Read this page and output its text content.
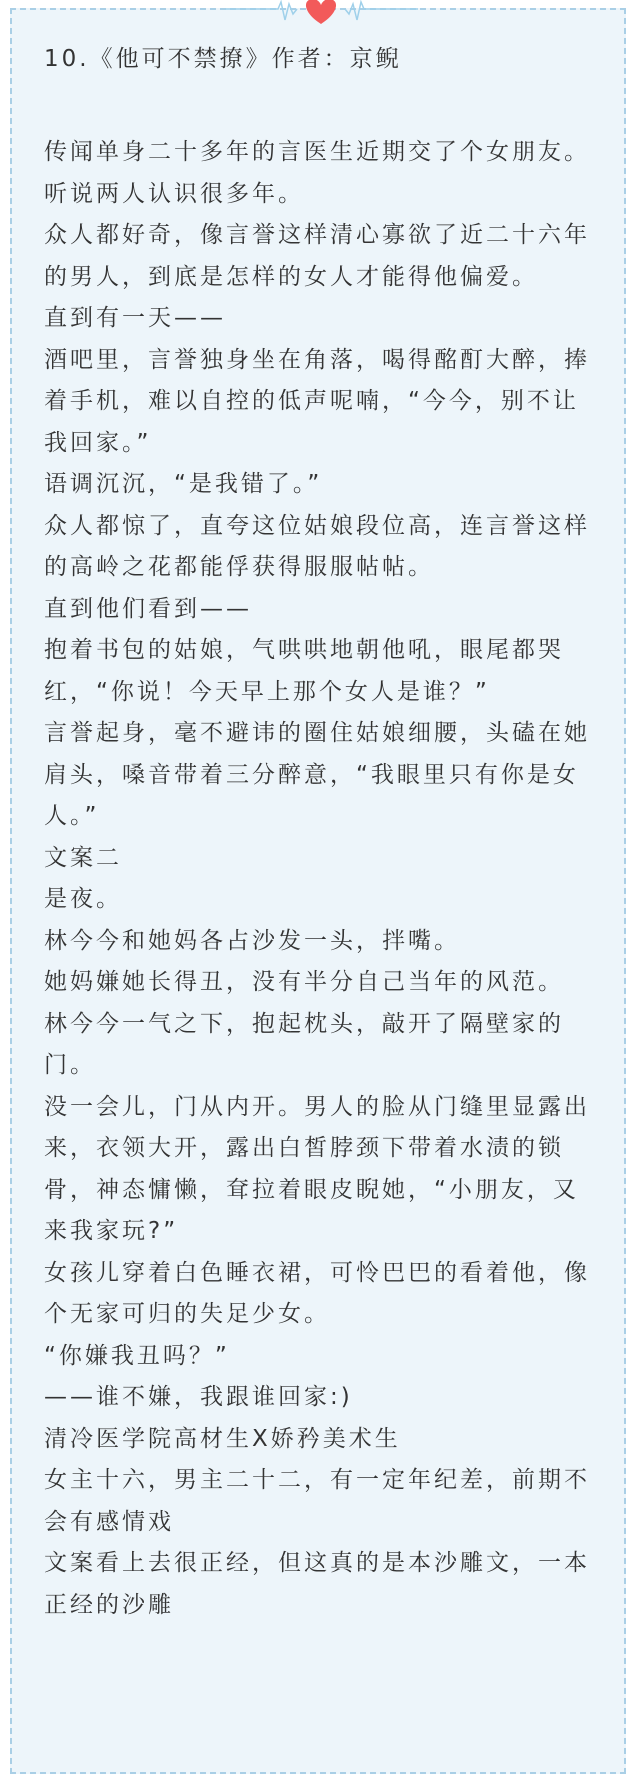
10.《他可不禁撩》作者：京鲵

传闻单身二十多年的言医生近期交了个女朋友。

听说两人认识很多年。

众人都好奇，像言誉这样清心寡欲了近二十六年的男人，到底是怎样的女人才能得他偏爱。

直到有一天——

酒吧里，言誉独身坐在角落，喝得酩酊大醉，捧着手机，难以自控的低声呢喃，“今今，别不让我回家。”

语调沉沉，“是我错了。”

众人都惊了，直夸这位姑娘段位高，连言誉这样的高岭之花都能俘获得服服帖帖。

直到他们看到——

抱着书包的姑娘，气哄哄地朝他吼，眼尾都哭红，“你说！今天早上那个女人是谁？”

言誉起身，毫不避讳的圈住姑娘细腰，头磕在她肩头，嗓音带着三分醉意，“我眼里只有你是女人。”

文案二

是夜。

林今今和她妈各占沙发一头，拌嘴。

她妈嫌她长得丑，没有半分自己当年的风范。

林今今一气之下，抱起枕头，敲开了隔壁家的门。

没一会儿，门从内开。男人的脸从门缝里显露出来，衣领大开，露出白皙脖颈下带着水渍的锁骨，神态慵懒，耷拉着眼皮睨她，“小朋友，又来我家玩?”

女孩儿穿着白色睡衣裙，可怜巴巴的看着他，像个无家可归的失足少女。

“你嫌我丑吗？”

——谁不嫌，我跟谁回家:)

清冷医学院高材生X娇矜美术生

女主十六，男主二十二，有一定年纪差，前期不会有感情戏

文案看上去很正经，但这真的是本沙雕文，一本正经的沙雕
